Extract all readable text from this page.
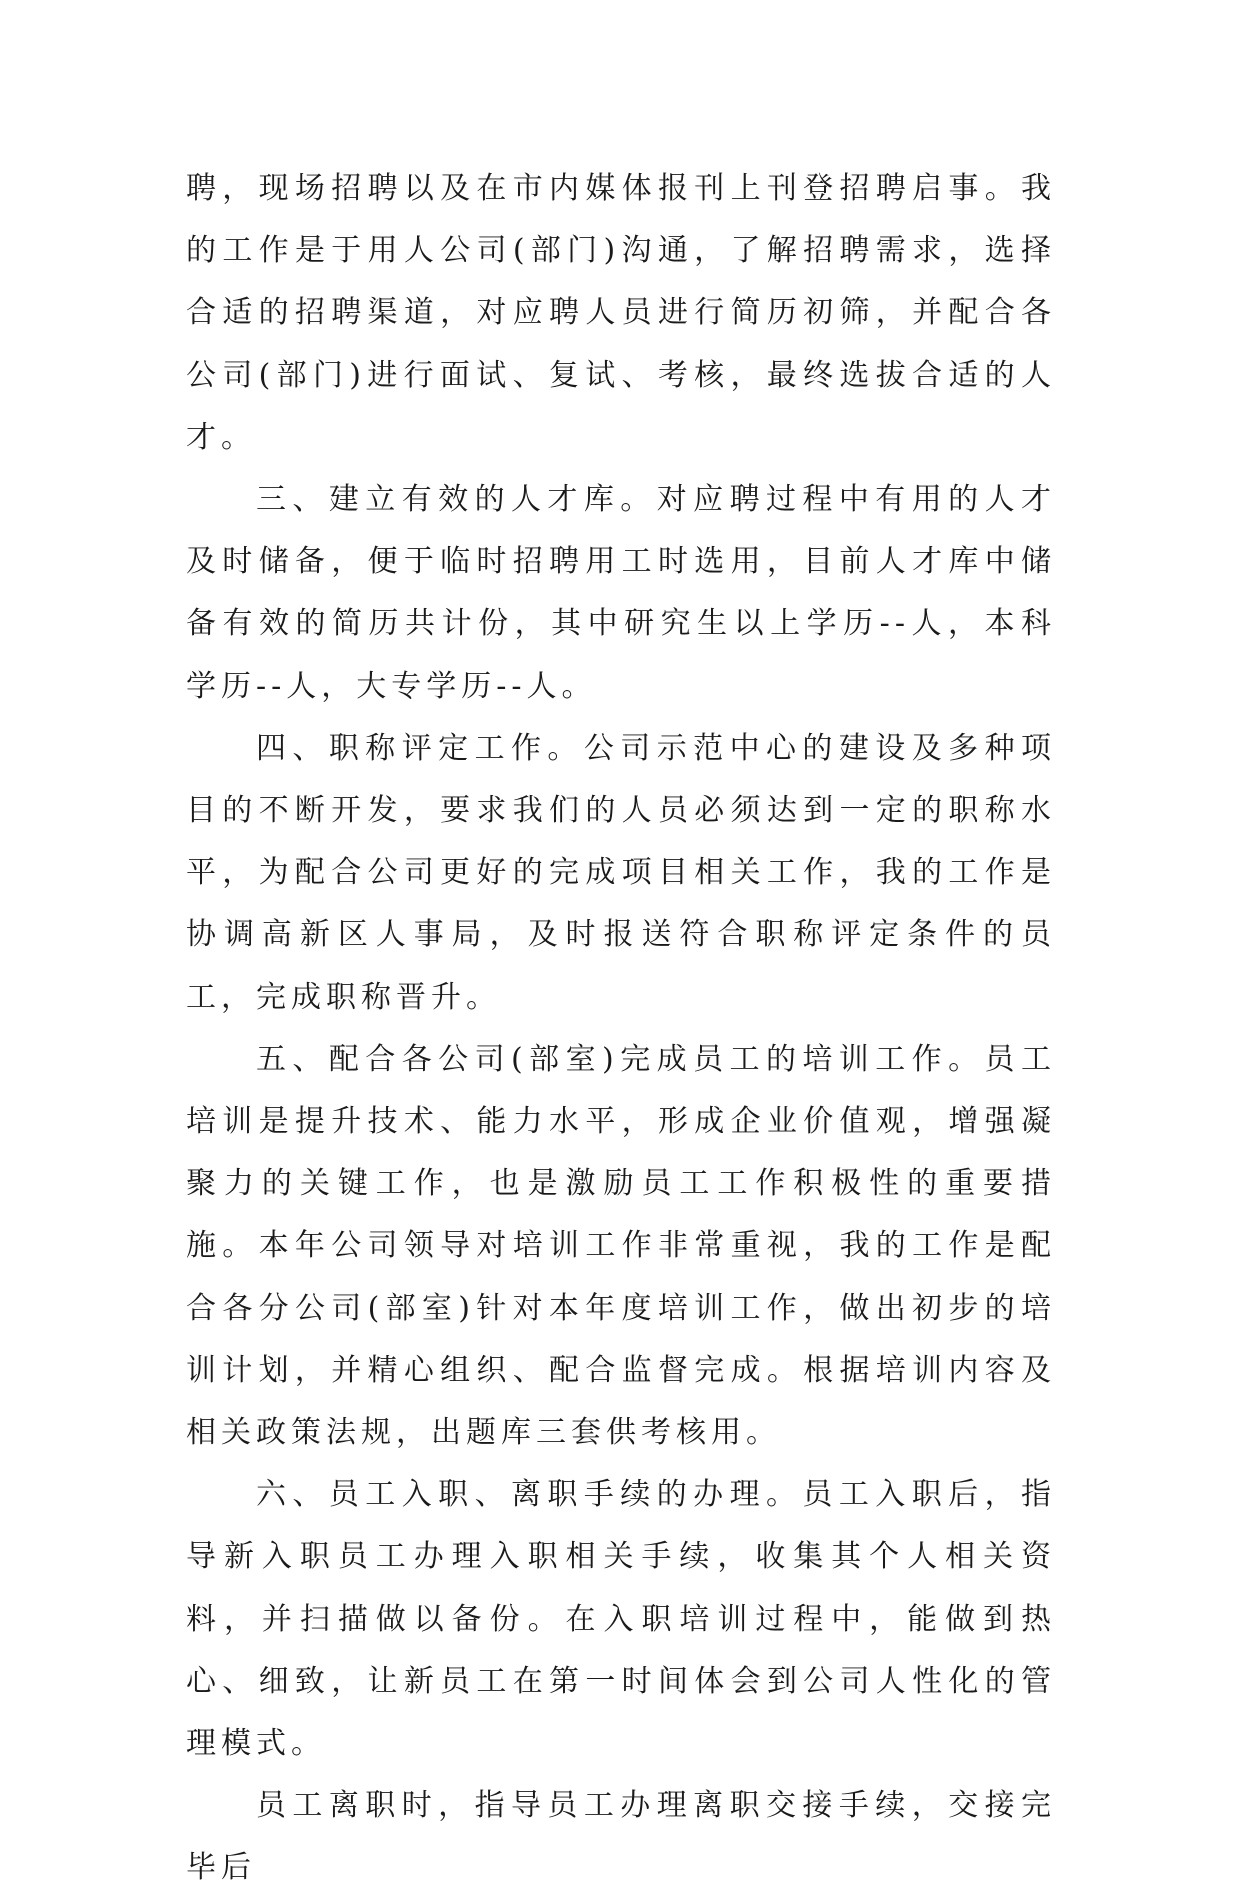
聘，现场招聘以及在市内媒体报刊上刊登招聘启事。我的工作是于用人公司(部门)沟通，了解招聘需求，选择合适的招聘渠道，对应聘人员进行简历初筛，并配合各公司(部门)进行面试、复试、考核，最终选拔合适的人才。

三、建立有效的人才库。对应聘过程中有用的人才及时储备，便于临时招聘用工时选用，目前人才库中储备有效的简历共计份，其中研究生以上学历--人，本科学历--人，大专学历--人。

四、职称评定工作。公司示范中心的建设及多种项目的不断开发，要求我们的人员必须达到一定的职称水平，为配合公司更好的完成项目相关工作，我的工作是协调高新区人事局，及时报送符合职称评定条件的员工，完成职称晋升。

五、配合各公司(部室)完成员工的培训工作。员工培训是提升技术、能力水平，形成企业价值观，增强凝聚力的关键工作，也是激励员工工作积极性的重要措施。本年公司领导对培训工作非常重视，我的工作是配合各分公司(部室)针对本年度培训工作，做出初步的培训计划，并精心组织、配合监督完成。根据培训内容及相关政策法规，出题库三套供考核用。

六、员工入职、离职手续的办理。员工入职后，指导新入职员工办理入职相关手续，收集其个人相关资料，并扫描做以备份。在入职培训过程中，能做到热心、细致，让新员工在第一时间体会到公司人性化的管理模式。

员工离职时，指导员工办理离职交接手续，交接完毕后
